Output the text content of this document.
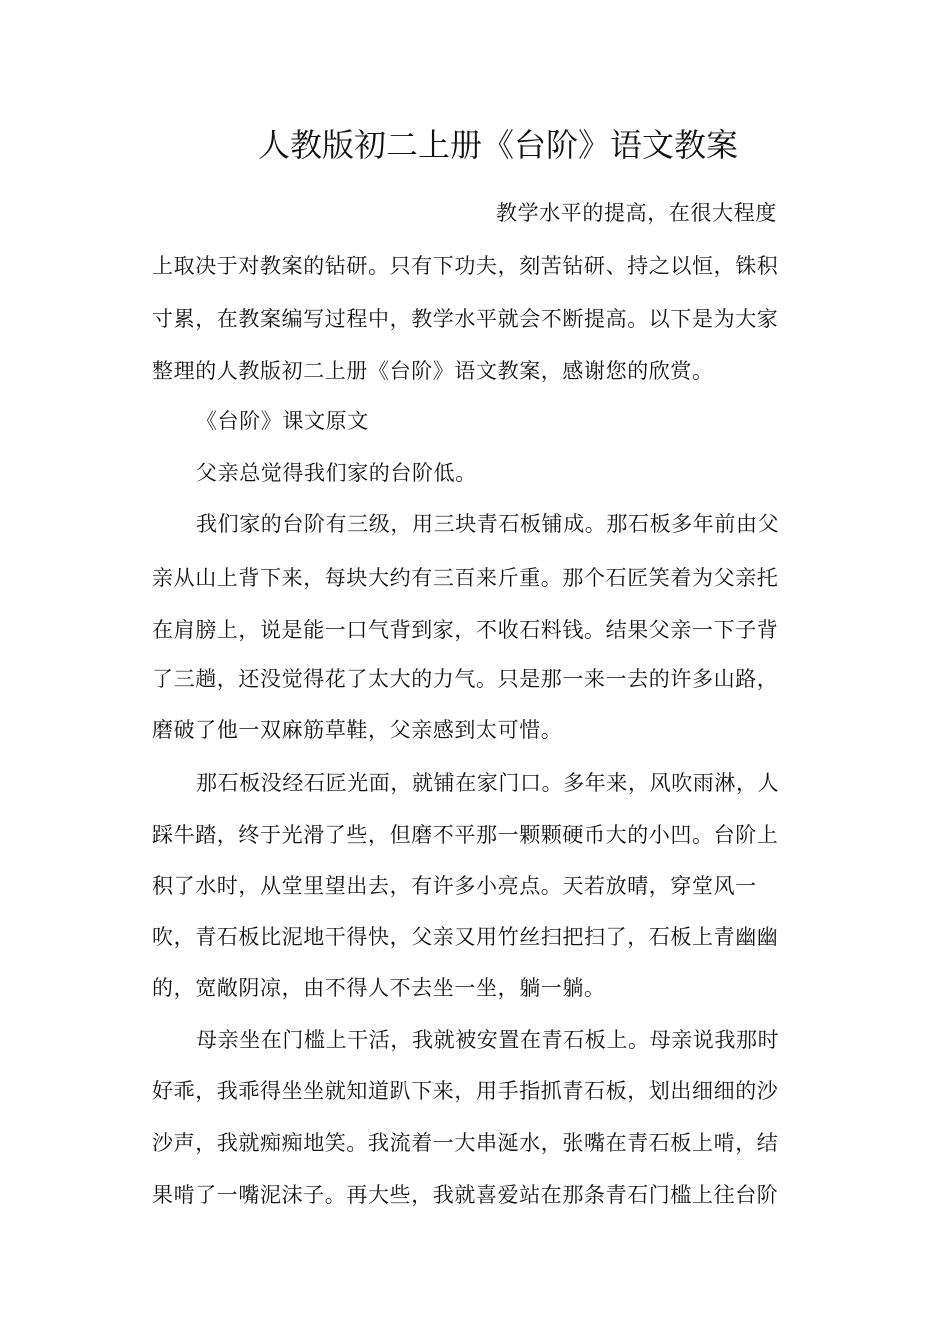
人教版初二上册《台阶》语文教案
教学水平的提高，在很大程度
上取决于对教案的钻研。只有下功夫，刻苦钻研、持之以恒，铢积
寸累，在教案编写过程中，教学水平就会不断提高。以下是为大家
整理的人教版初二上册《台阶》语文教案，感谢您的欣赏。
《台阶》课文原文
父亲总觉得我们家的台阶低。
我们家的台阶有三级，用三块青石板铺成。那石板多年前由父
亲从山上背下来，每块大约有三百来斤重。那个石匠笑着为父亲托
在肩膀上，说是能一口气背到家，不收石料钱。结果父亲一下子背
了三趟，还没觉得花了太大的力气。只是那一来一去的许多山路，
磨破了他一双麻筋草鞋，父亲感到太可惜。
那石板没经石匠光面，就铺在家门口。多年来，风吹雨淋，人
踩牛踏，终于光滑了些，但磨不平那一颗颗硬币大的小凹。台阶上
积了水时，从堂里望出去，有许多小亮点。天若放晴，穿堂风一
吹，青石板比泥地干得快，父亲又用竹丝扫把扫了，石板上青幽幽
的，宽敞阴凉，由不得人不去坐一坐，躺一躺。
母亲坐在门槛上干活，我就被安置在青石板上。母亲说我那时
好乖，我乖得坐坐就知道趴下来，用手指抓青石板，划出细细的沙
沙声，我就痴痴地笑。我流着一大串涎水，张嘴在青石板上啃，结
果啃了一嘴泥沫子。再大些，我就喜爱站在那条青石门槛上往台阶
